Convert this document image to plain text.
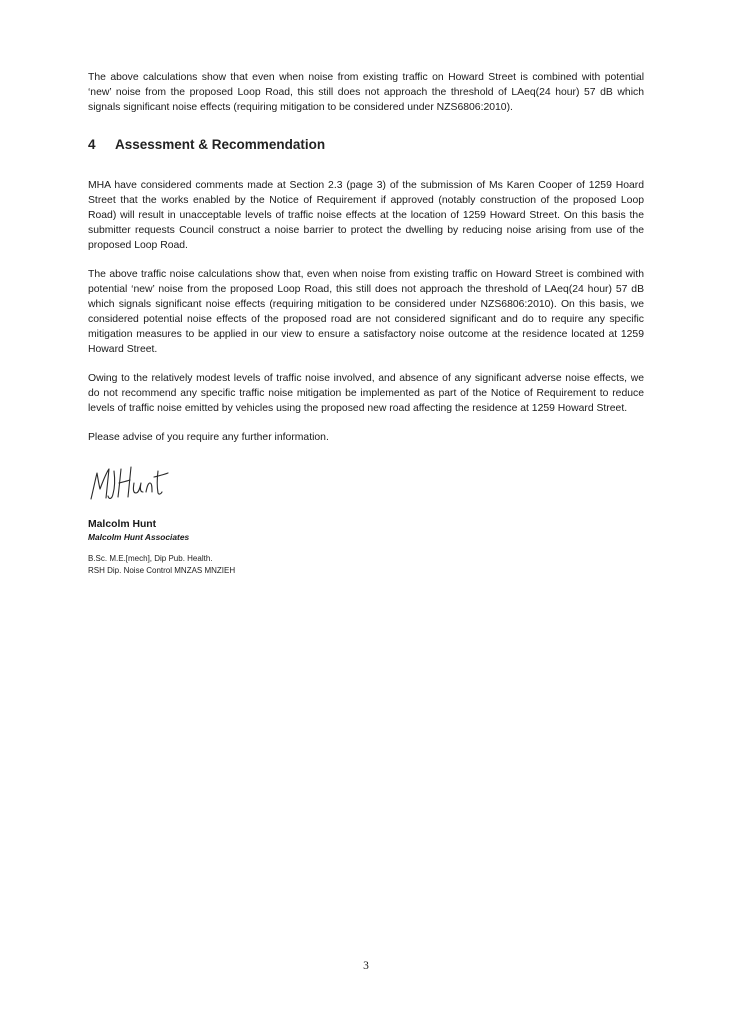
The above calculations show that even when noise from existing traffic on Howard Street is combined with potential ‘new’ noise from the proposed Loop Road, this still does not approach the threshold of LAeq(24 hour) 57 dB which signals significant noise effects (requiring mitigation to be considered under NZS6806:2010).

4	Assessment & Recommendation

MHA have considered comments made at Section 2.3 (page 3) of the submission of Ms Karen Cooper of 1259 Hoard Street that the works enabled by the Notice of Requirement if approved (notably construction of the proposed Loop Road) will result in unacceptable levels of traffic noise effects at the location of 1259 Howard Street. On this basis the submitter requests Council construct a noise barrier to protect the dwelling by reducing noise arising from use of the proposed Loop Road.

The above traffic noise calculations show that, even when noise from existing traffic on Howard Street is combined with potential ‘new’ noise from the proposed Loop Road, this still does not approach the threshold of LAeq(24 hour) 57 dB which signals significant noise effects (requiring mitigation to be considered under NZS6806:2010). On this basis, we considered potential noise effects of the proposed road are not considered significant and do to require any specific mitigation measures to be applied in our view to ensure a satisfactory noise outcome at the residence located at 1259 Howard Street.

Owing to the relatively modest levels of traffic noise involved, and absence of any significant adverse noise effects, we do not recommend any specific traffic noise mitigation be implemented as part of the Notice of Requirement to reduce levels of traffic noise emitted by vehicles using the proposed new road affecting the residence at 1259 Howard Street.

Please advise of you require any further information.

Malcolm Hunt
Malcolm Hunt Associates
B.Sc. M.E.[mech], Dip Pub. Health.
RSH Dip. Noise Control MNZAS MNZIEH
3
